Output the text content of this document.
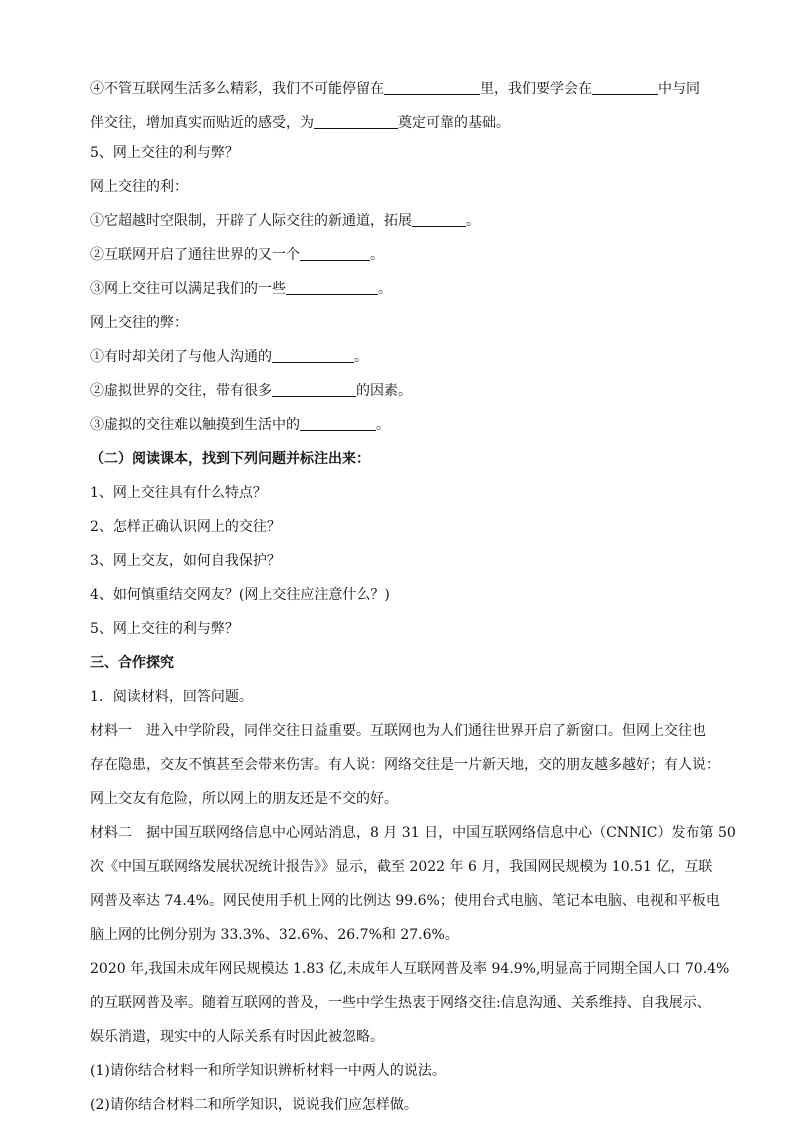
④不管互联网生活多么精彩，我们不可能停留在	里，我们要学会在	中与同

伴交往，增加真实而贴近的感受，为	奠定可靠的基础。

5、网上交往的利与弊？

网上交往的利：

①它超越时空限制，开辟了人际交往的新通道，拓展	。

②互联网开启了通往世界的又一个	。

③网上交往可以满足我们的一些	。

网上交往的弊：

①有时却关闭了与他人沟通的	。

②虚拟世界的交往，带有很多	的因素。

③虚拟的交往难以触摸到生活中的	。

（二）阅读课本，找到下列问题并标注出来：

1、网上交往具有什么特点？

2、怎样正确认识网上的交往？

3、网上交友，如何自我保护？

4、如何慎重结交网友？(网上交往应注意什么？)

5、网上交往的利与弊？

三、合作探究

1．阅读材料，回答问题。

材料一　进入中学阶段，同伴交往日益重要。互联网也为人们通往世界开启了新窗口。但网上交往也

存在隐患，交友不慎甚至会带来伤害。有人说：网络交往是一片新天地，交的朋友越多越好；有人说：

网上交友有危险，所以网上的朋友还是不交的好。

材料二　据中国互联网络信息中心网站消息，8 月 31 日，中国互联网络信息中心（CNNIC）发布第 50

次《中国互联网络发展状况统计报告》》显示，截至 2022 年 6 月，我国网民规模为 10.51 亿，互联

网普及率达 74.4%。网民使用手机上网的比例达 99.6%；使用台式电脑、笔记本电脑、电视和平板电

脑上网的比例分别为 33.3%、32.6%、26.7%和 27.6%。

2020 年,我国未成年网民规模达 1.83 亿,未成年人互联网普及率 94.9%,明显高于同期全国人口 70.4%

的互联网普及率。随着互联网的普及，一些中学生热衷于网络交往:信息沟通、关系维持、自我展示、

娱乐消遣，现实中的人际关系有时因此被忽略。

(1)请你结合材料一和所学知识辨析材料一中两人的说法。

(2)请你结合材料二和所学知识，说说我们应怎样做。
